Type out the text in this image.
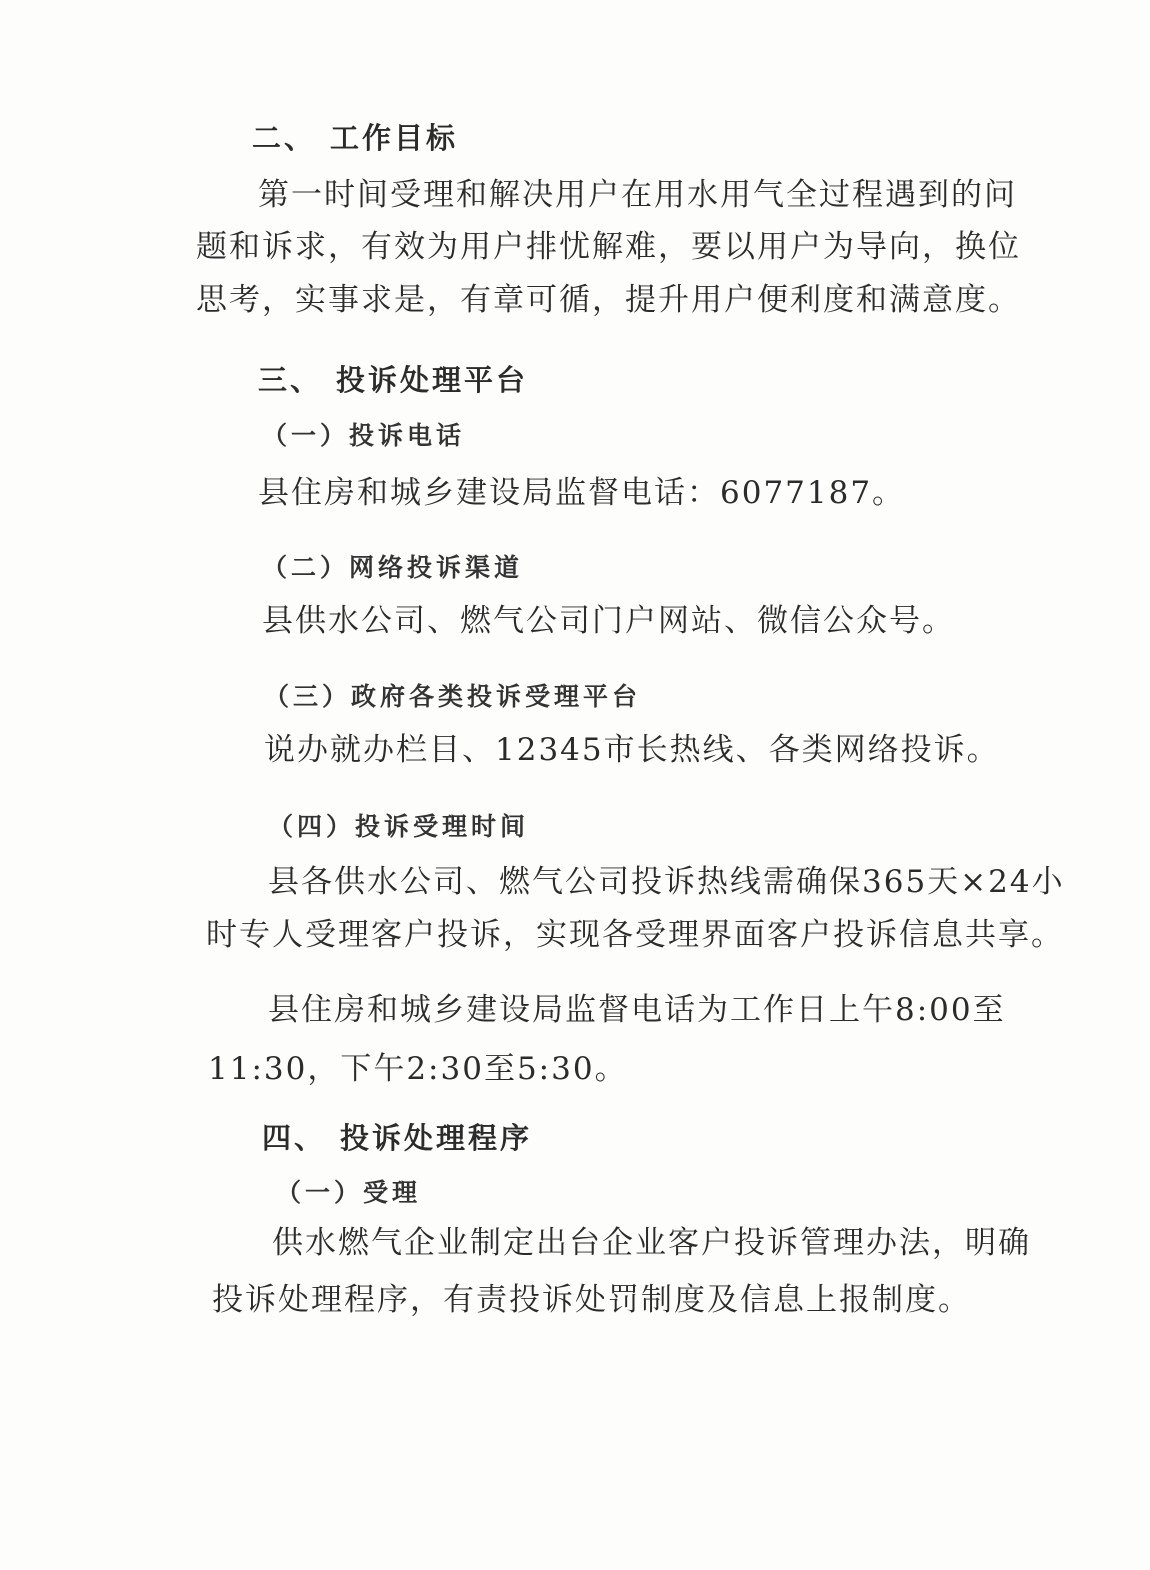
二、 工作目标
第一时间受理和解决用户在用水用气全过程遇到的问
题和诉求，有效为用户排忧解难，要以用户为导向，换位
思考，实事求是，有章可循，提升用户便利度和满意度。
三、 投诉处理平台
（一）投诉电话
县住房和城乡建设局监督电话：6077187。
（二）网络投诉渠道
县供水公司、燃气公司门户网站、微信公众号。
（三）政府各类投诉受理平台
说办就办栏目、12345市长热线、各类网络投诉。
（四）投诉受理时间
县各供水公司、燃气公司投诉热线需确保365天×24小
时专人受理客户投诉，实现各受理界面客户投诉信息共享。
县住房和城乡建设局监督电话为工作日上午8:00至
11:30，下午2:30至5:30。
四、 投诉处理程序
（一）受理
供水燃气企业制定出台企业客户投诉管理办法，明确
投诉处理程序，有责投诉处罚制度及信息上报制度。
